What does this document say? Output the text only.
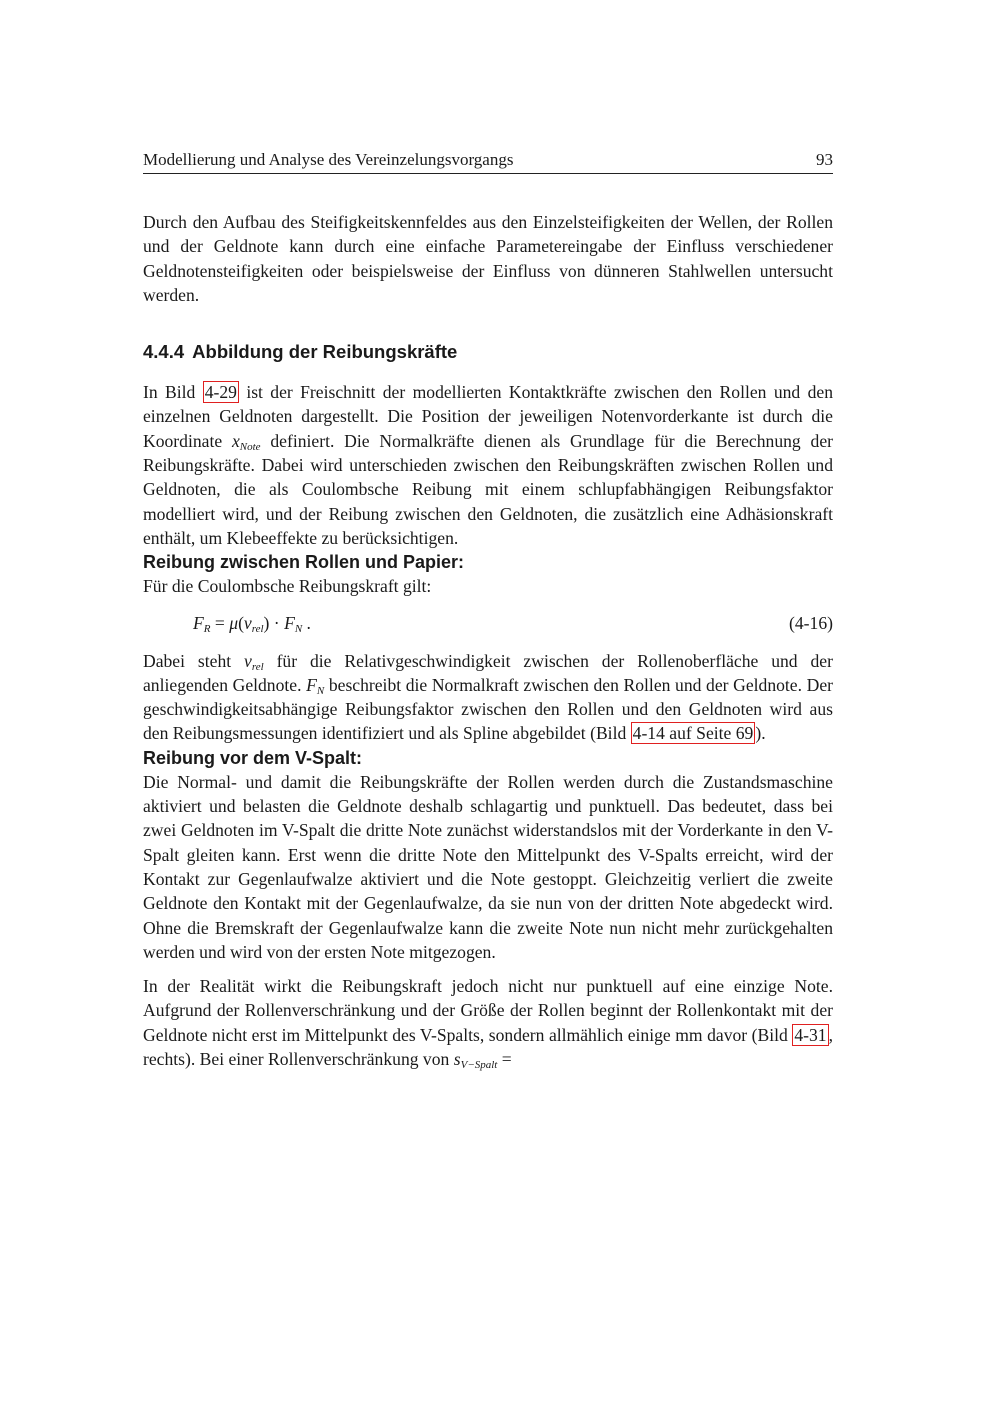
Modellierung und Analyse des Vereinzelungsvorgangs	93

Durch den Aufbau des Steifigkeitskennfeldes aus den Einzelsteifigkeiten der Wellen, der Rollen und der Geldnote kann durch eine einfache Parametereingabe der Einfluss verschiedener Geldnotensteifigkeiten oder beispielsweise der Einfluss von dünneren Stahlwellen untersucht werden.

4.4.4 Abbildung der Reibungskräfte

In Bild 4-29 ist der Freischnitt der modellierten Kontaktkräfte zwischen den Rollen und den einzelnen Geldnoten dargestellt. Die Position der jeweiligen Notenvorderkante ist durch die Koordinate $x_{Note}$ definiert. Die Normalkräfte dienen als Grundlage für die Berechnung der Reibungskräfte. Dabei wird unterschieden zwischen den Reibungskräften zwischen Rollen und Geldnoten, die als Coulombsche Reibung mit einem schlupfabhängigen Reibungsfaktor modelliert wird, und der Reibung zwischen den Geldnoten, die zusätzlich eine Adhäsionskraft enthält, um Klebeeffekte zu berücksichtigen.

Reibung zwischen Rollen und Papier:

Für die Coulombsche Reibungskraft gilt:

$F_R = \mu(v_{rel}) \cdot F_N$ .	(4-16)

Dabei steht $v_{rel}$ für die Relativgeschwindigkeit zwischen der Rollenoberfläche und der anliegenden Geldnote. $F_N$ beschreibt die Normalkraft zwischen den Rollen und der Geldnote. Der geschwindigkeitsabhängige Reibungsfaktor zwischen den Rollen und den Geldnoten wird aus den Reibungsmessungen identifiziert und als Spline abgebildet (Bild 4-14 auf Seite 69 ).

Reibung vor dem V-Spalt:

Die Normal- und damit die Reibungskräfte der Rollen werden durch die Zustandsmaschine aktiviert und belasten die Geldnote deshalb schlagartig und punktuell. Das bedeutet, dass bei zwei Geldnoten im V-Spalt die dritte Note zunächst widerstandslos mit der Vorderkante in den V-Spalt gleiten kann. Erst wenn die dritte Note den Mittelpunkt des V-Spalts erreicht, wird der Kontakt zur Gegenlaufwalze aktiviert und die Note gestoppt. Gleichzeitig verliert die zweite Geldnote den Kontakt mit der Gegenlaufwalze, da sie nun von der dritten Note abgedeckt wird. Ohne die Bremskraft der Gegenlaufwalze kann die zweite Note nun nicht mehr zurückgehalten werden und wird von der ersten Note mitgezogen.

In der Realität wirkt die Reibungskraft jedoch nicht nur punktuell auf eine einzige Note. Aufgrund der Rollenverschränkung und der Größe der Rollen beginnt der Rollenkontakt mit der Geldnote nicht erst im Mittelpunkt des V-Spalts, sondern allmählich einige mm davor (Bild 4-31 , rechts). Bei einer Rollenverschränkung von $s_{V-Spalt}$ =
